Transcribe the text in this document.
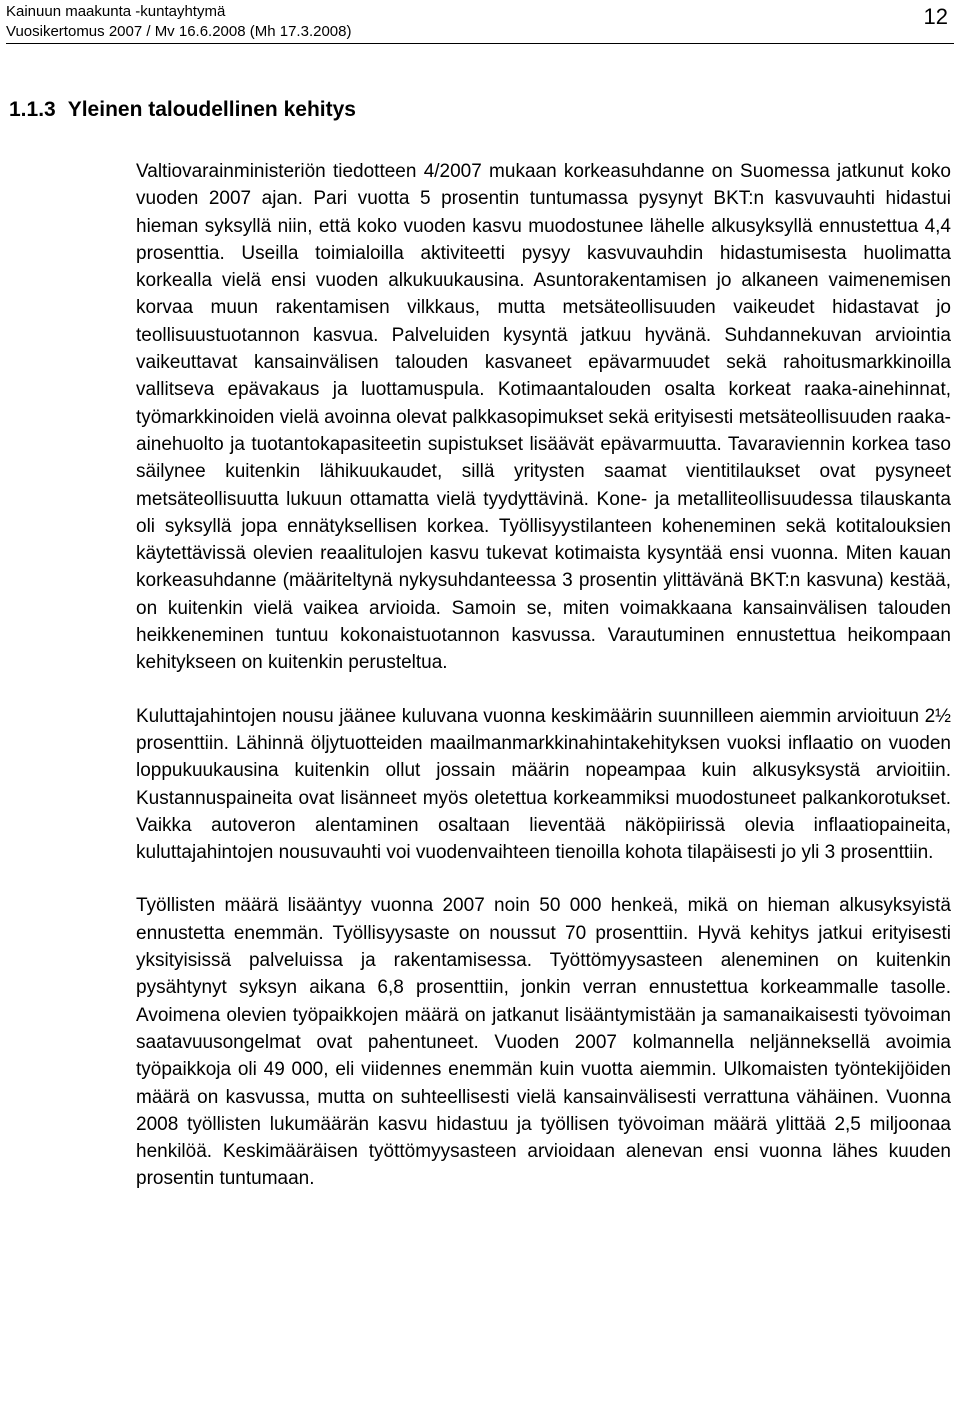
Kainuun maakunta -kuntayhtymä
Vuosikertomus 2007 / Mv 16.6.2008 (Mh 17.3.2008)
12
1.1.3 Yleinen taloudellinen kehitys

Valtiovarainministeriön tiedotteen 4/2007 mukaan korkeasuhdanne on Suomessa jatkunut koko vuoden 2007 ajan. Pari vuotta 5 prosentin tuntumassa pysynyt BKT:n kasvuvauhti hidastui hieman syksyllä niin, että koko vuoden kasvu muodostunee lähelle alkusyksyllä ennustettua 4,4 prosenttia. Useilla toimialoilla aktiviteetti pysyy kasvuvauhdin hidastumisesta huolimatta korkealla vielä ensi vuoden alkukuukausina. Asuntorakentamisen jo alkaneen vaimenemisen korvaa muun rakentamisen vilkkaus, mutta metsäteollisuuden vaikeudet hidastavat jo teollisuustuotannon kasvua. Palveluiden kysyntä jatkuu hyvänä. Suhdannekuvan arviointia vaikeuttavat kansainvälisen talouden kasvaneet epävarmuudet sekä rahoitusmarkkinoilla vallitseva epävakaus ja luottamuspula. Kotimaantalouden osalta korkeat raaka-ainehinnat, työmarkkinoiden vielä avoinna olevat palkkasopimukset sekä erityisesti metsäteollisuuden raaka-ainehuolto ja tuotantokapasiteetin supistukset lisäävät epävarmuutta. Tavaraviennin korkea taso säilynee kuitenkin lähikuukaudet, sillä yritysten saamat vientitilaukset ovat pysyneet metsäteollisuutta lukuun ottamatta vielä tyydyttävinä. Kone- ja metalliteollisuudessa tilauskanta oli syksyllä jopa ennätyksellisen korkea. Työllisyystilanteen koheneminen sekä kotitalouksien käytettävissä olevien reaalitulojen kasvu tukevat kotimaista kysyntää ensi vuonna. Miten kauan korkeasuhdanne (määriteltynä nykysuhdanteessa 3 prosentin ylittävänä BKT:n kasvuna) kestää, on kuitenkin vielä vaikea arvioida. Samoin se, miten voimakkaana kansainvälisen talouden heikkeneminen tuntuu kokonaistuotannon kasvussa. Varautuminen ennustettua heikompaan kehitykseen on kuitenkin perusteltua.

Kuluttajahintojen nousu jäänee kuluvana vuonna keskimäärin suunnilleen aiemmin arvioituun 2½ prosenttiin. Lähinnä öljytuotteiden maailmanmarkkinahintakehityksen vuoksi inflaatio on vuoden loppukuukausina kuitenkin ollut jossain määrin nopeampaa kuin alkusyksystä arvioitiin. Kustannuspaineita ovat lisänneet myös oletettua korkeammiksi muodostuneet palkankorotukset. Vaikka autoveron alentaminen osaltaan lieventää näköpiirissä olevia inflaatiopaineita, kuluttajahintojen nousuvauhti voi vuodenvaihteen tienoilla kohota tilapäisesti jo yli 3 prosenttiin.

Työllisten määrä lisääntyy vuonna 2007 noin 50 000 henkeä, mikä on hieman alkusyksyistä ennustetta enemmän. Työllisyysaste on noussut 70 prosenttiin. Hyvä kehitys jatkui erityisesti yksityisissä palveluissa ja rakentamisessa. Työttömyysasteen aleneminen on kuitenkin pysähtynyt syksyn aikana 6,8 prosenttiin, jonkin verran ennustettua korkeammalle tasolle. Avoimena olevien työpaikkojen määrä on jatkanut lisääntymistään ja samanaikaisesti työvoiman saatavuusongelmat ovat pahentuneet. Vuoden 2007 kolmannella neljänneksellä avoimia työpaikkoja oli 49 000, eli viidennes enemmän kuin vuotta aiemmin. Ulkomaisten työntekijöiden määrä on kasvussa, mutta on suhteellisesti vielä kansainvälisesti verrattuna vähäinen. Vuonna 2008 työllisten lukumäärän kasvu hidastuu ja työllisen työvoiman määrä ylittää 2,5 miljoonaa henkilöä. Keskimääräisen työttömyysasteen arvioidaan alenevan ensi vuonna lähes kuuden prosentin tuntumaan.
